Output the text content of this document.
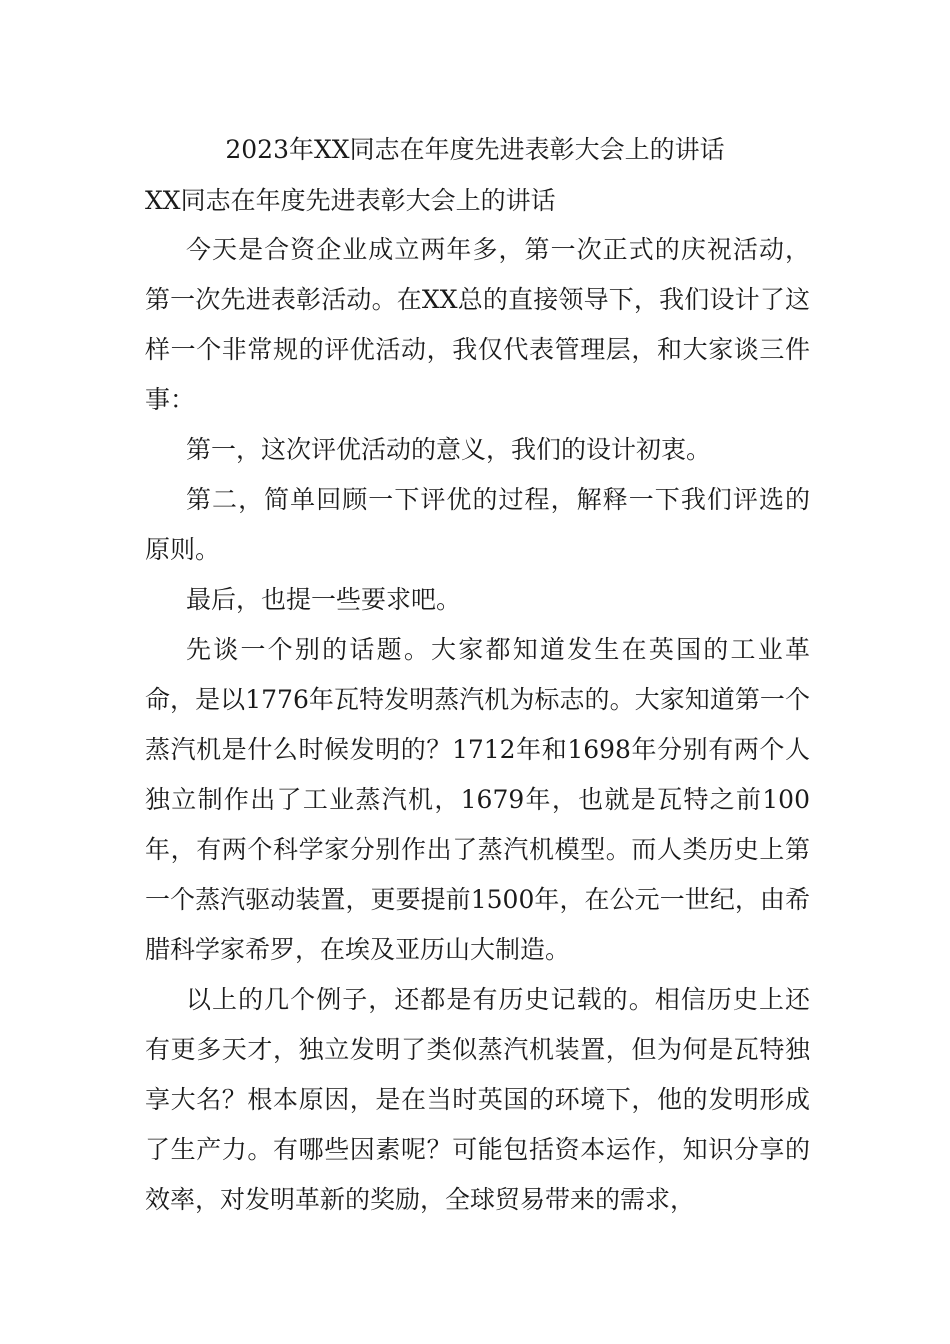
2023年XX同志在年度先进表彰大会上的讲话
XX同志在年度先进表彰大会上的讲话

今天是合资企业成立两年多，第一次正式的庆祝活动，第一次先进表彰活动。在XX总的直接领导下，我们设计了这样一个非常规的评优活动，我仅代表管理层，和大家谈三件事：

第一，这次评优活动的意义，我们的设计初衷。

第二，简单回顾一下评优的过程，解释一下我们评选的原则。

最后，也提一些要求吧。

先谈一个别的话题。大家都知道发生在英国的工业革命，是以1776年瓦特发明蒸汽机为标志的。大家知道第一个蒸汽机是什么时候发明的？1712年和1698年分别有两个人独立制作出了工业蒸汽机，1679年，也就是瓦特之前100年，有两个科学家分别作出了蒸汽机模型。而人类历史上第一个蒸汽驱动装置，更要提前1500年，在公元一世纪，由希腊科学家希罗，在埃及亚历山大制造。

以上的几个例子，还都是有历史记载的。相信历史上还有更多天才，独立发明了类似蒸汽机装置，但为何是瓦特独享大名？根本原因，是在当时英国的环境下，他的发明形成了生产力。有哪些因素呢？可能包括资本运作，知识分享的效率，对发明革新的奖励，全球贸易带来的需求，
